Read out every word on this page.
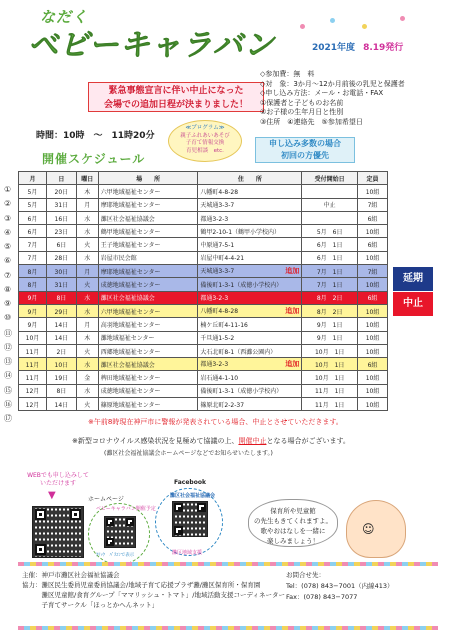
なだく
ベビーキャラバン	2021年度 8.19発行
緊急事態宣言に伴い中止になった
会場での追加日程が決まりました！
◇参加費：無　料
◇対　象：3か月〜12か月前後の乳児と保護者
◇申し込み方法：メール・お電話・FAX
①保護者と子どものお名前
②お子様の生年月日と性別
③住所　④連絡先　⑤参加希望日
時間：10時　〜　11時20分
≪プログラム≫
親子ふれあいあそび
子育て情報交換
育児相談　etc.
開催スケジュール
申し込み多数の場合
初回の方優先
月	日	曜日	場　　所	住　　所	受付開始日	定員
5月	20日	木	六甲地域福祉センター	八幡町4-8-28		10組
5月	31日	月	摩耶地域福祉センター	天城通3-3-7	中止	7組
6月	16日	水	灘区社会福祉協議会	都通3-2-3		6組
6月	23日	水	鶴甲地域福祉センター	鶴甲2-10-1（鶴甲小学校内）	5月　6日	10組
7月	6日	火	王子地域福祉センター	中原通7-5-1	6月　1日	6組
7月	28日	水	岩屋市民会館	岩屋中町4-4-21	6月　1日	10組
8月	30日	月	摩耶地域福祉センター	天城通3-3-7 追加	7月　1日	7組
8月	31日	火	成徳地域福祉センター	備後町1-3-1（成徳小学校内）	7月　1日	10組
9月	8日	水	灘区社会福祉協議会	都通3-2-3	8月　2日	6組
9月	29日	水	六甲地域福祉センター	八幡町4-8-28 追加	8月　2日	10組
9月	14日	月	高羽地域福祉センター	楠ケ丘町4-11-16	9月　1日	10組
10月	14日	木	灘地域福祉センター	千旦通1-5-2	9月　1日	10組
11月	2日	火	西郷地域福祉センター	大石北町8-1（西灘公園内）	10月　1日	10組
11月	10日	水	灘区社会福祉協議会	都通3-2-3 追加	10月　1日	6組
11月	19日	金	稗田地域福祉センター	岩石通4-1-10	10月　1日	10組
12月	8日	水	成徳地域福祉センター	備後町1-3-1（成徳小学校内）	11月　1日	10組
12月	14日	火	篠原地域福祉センター	篠原北町2-2-37	11月　1日	10組
①
②
③
④
⑤
⑥
⑦
⑧
⑨
⑩
⑪
⑫
⑬
⑭
⑮
⑯
⑰
延期
中止
※午前8時現在神戸市に警報が発表されている場合、中止とさせていただきます。
※新型コロナウイルス感染状況を見極めて協議の上、開催中止となる場合がございます。
(灘区社会福祉協議会ホームページなどでお知らせいたします。)
WEBでも申し込みして
いただけます
▼	ホームページ
ベビーキャラバン開催予定
ｸﾘｯｸ　ﾊﾟｽｺﾝで表示
Facebook
灘区社会福祉協議会
灘区地域支援
保育所や児童館
の先生もきてくれますよ。
歌やおはなしを一緒に
楽しみましょう！
☺
主催：神戸市灘区社会福祉協議会
協力：灘区民生委員児童委員協議会/地域子育て応援プラザ灘/灘区保育所・保育園
　　　灘区児童館/食育グループ「ママリッシュ・トマト」/地域活動支援コーディネーター
　　　子育てサークル「ほっとかへんネット」
お問合せ先：
Tel：(078) 843−7001（内線413）
Fax：(078) 843−7077
